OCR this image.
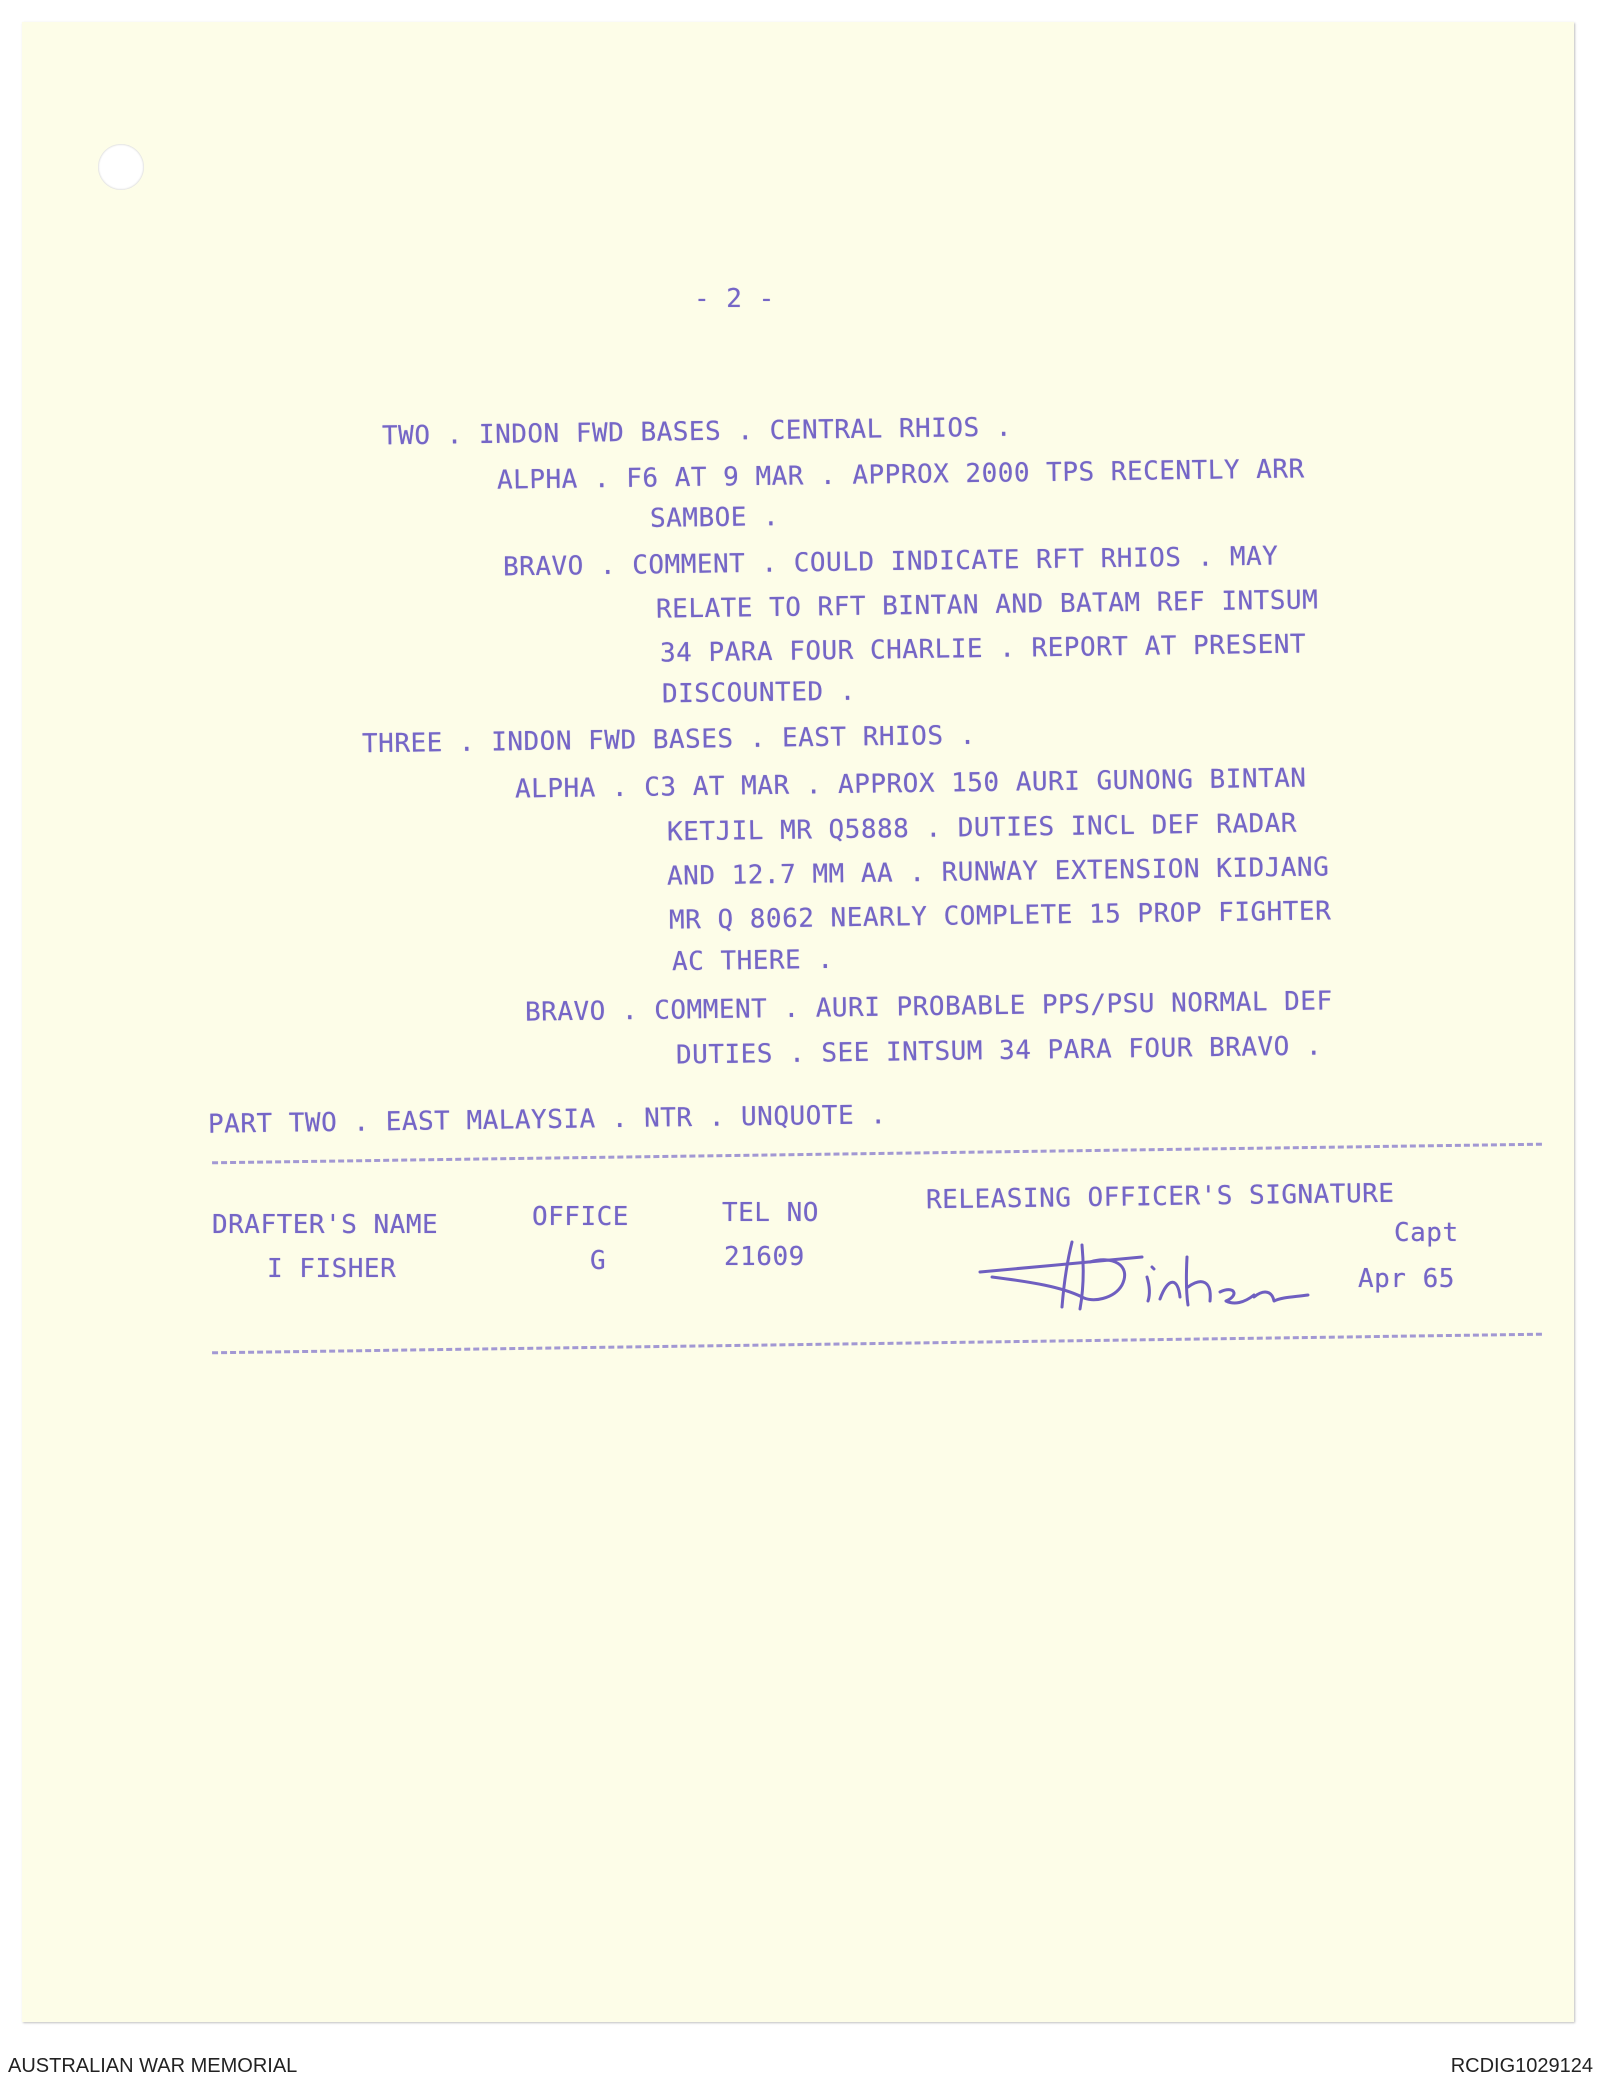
- 2 -
TWO . INDON FWD BASES . CENTRAL RHIOS .
ALPHA . F6 AT 9 MAR . APPROX 2000 TPS RECENTLY ARR
SAMBOE .
BRAVO . COMMENT . COULD INDICATE RFT RHIOS . MAY
RELATE TO RFT BINTAN AND BATAM REF INTSUM
34 PARA FOUR CHARLIE . REPORT AT PRESENT
DISCOUNTED .
THREE . INDON FWD BASES . EAST RHIOS .
ALPHA . C3 AT MAR . APPROX 150 AURI GUNONG BINTAN
KETJIL MR Q5888 . DUTIES INCL DEF RADAR
AND 12.7 MM AA . RUNWAY EXTENSION KIDJANG
MR Q 8062 NEARLY COMPLETE 15 PROP FIGHTER
AC THERE .
BRAVO . COMMENT . AURI PROBABLE PPS/PSU NORMAL DEF
DUTIES . SEE INTSUM 34 PARA FOUR BRAVO .
PART TWO . EAST MALAYSIA . NTR . UNQUOTE .
DRAFTER'S NAME
I FISHER
OFFICE
G
TEL NO
21609
RELEASING OFFICER'S SIGNATURE
Capt
Apr 65
AUSTRALIAN WAR MEMORIAL	RCDIG1029124
